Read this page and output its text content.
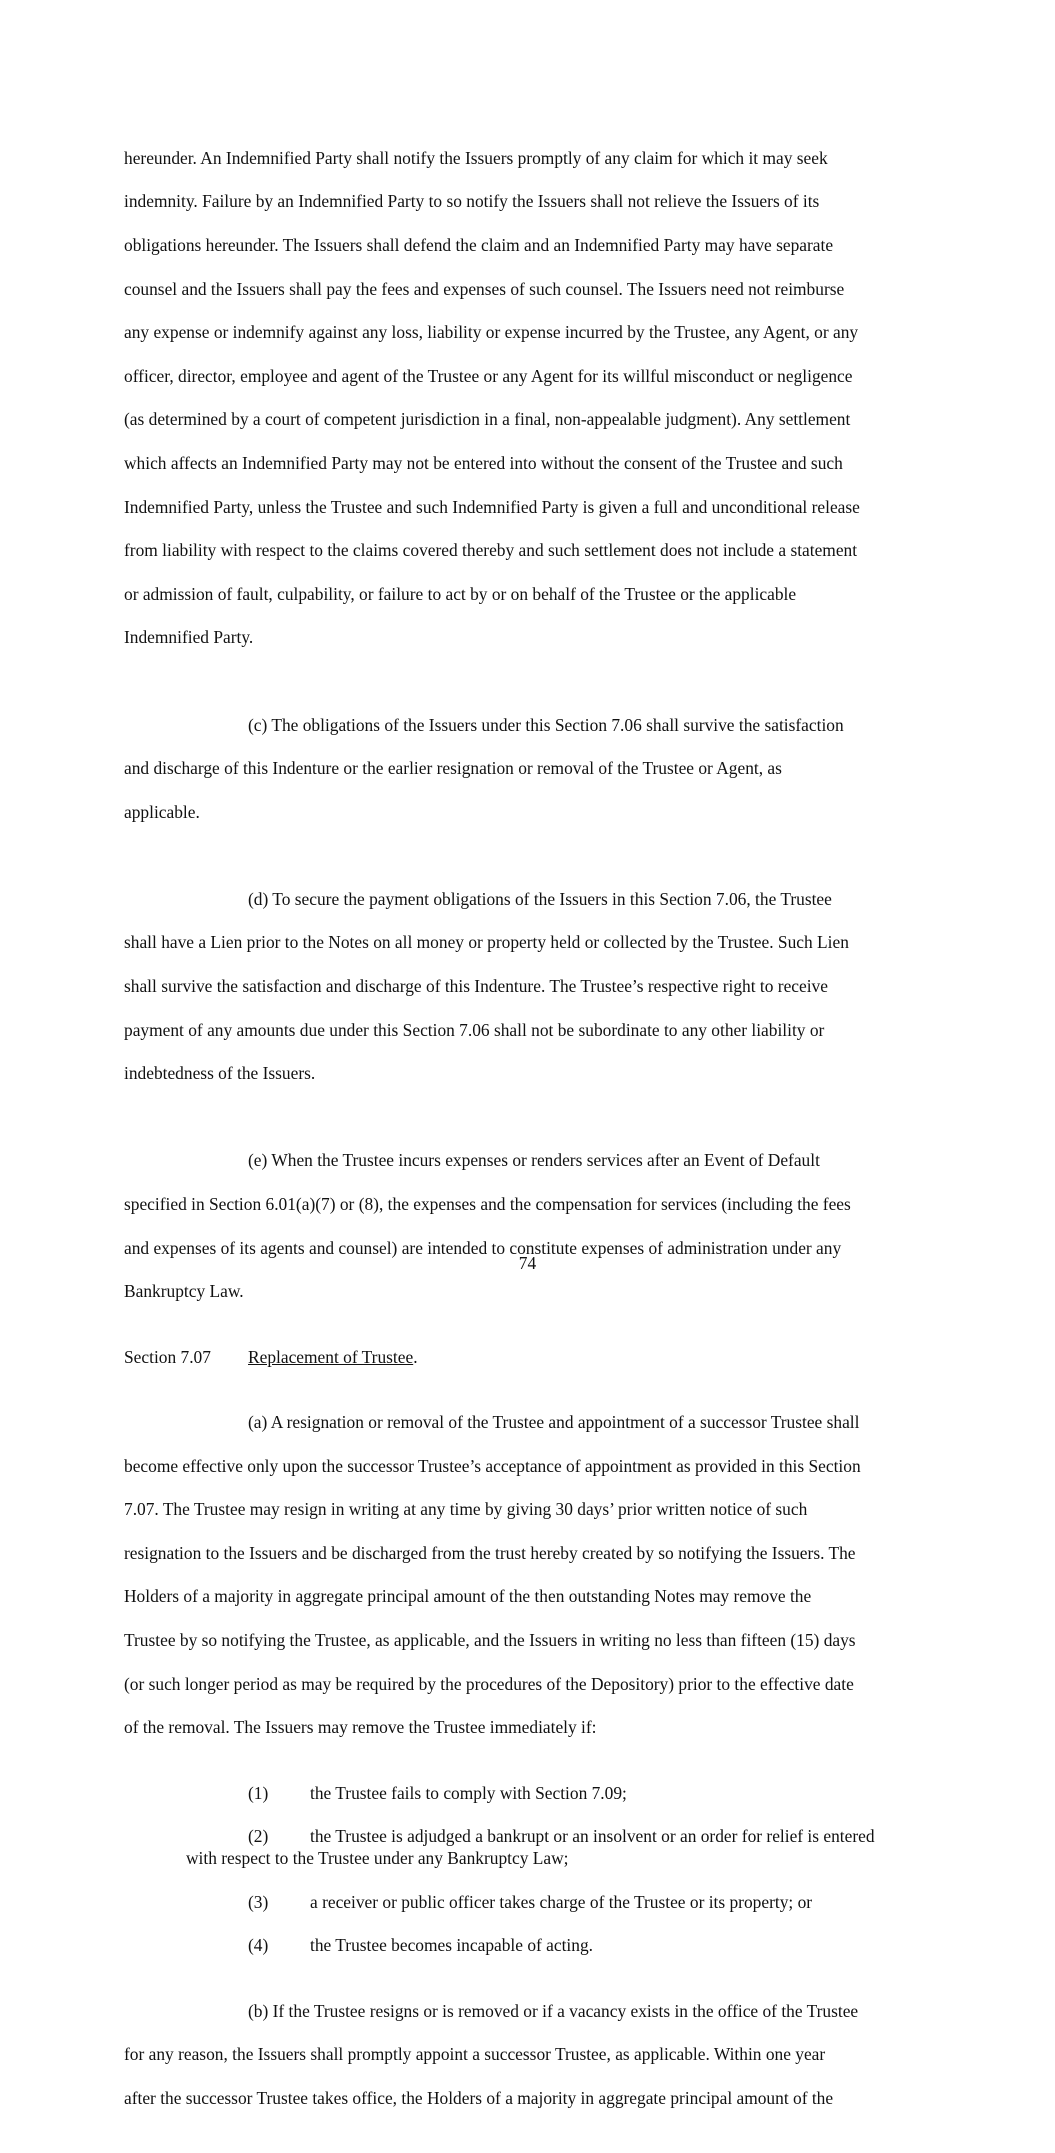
hereunder. An Indemnified Party shall notify the Issuers promptly of any claim for which it may seek

indemnity. Failure by an Indemnified Party to so notify the Issuers shall not relieve the Issuers of its

obligations hereunder. The Issuers shall defend the claim and an Indemnified Party may have separate

counsel and the Issuers shall pay the fees and expenses of such counsel. The Issuers need not reimburse

any expense or indemnify against any loss, liability or expense incurred by the Trustee, any Agent, or any

officer, director, employee and agent of the Trustee or any Agent for its willful misconduct or negligence

(as determined by a court of competent jurisdiction in a final, non-appealable judgment). Any settlement

which affects an Indemnified Party may not be entered into without the consent of the Trustee and such

Indemnified Party, unless the Trustee and such Indemnified Party is given a full and unconditional release

from liability with respect to the claims covered thereby and such settlement does not include a statement

or admission of fault, culpability, or failure to act by or on behalf of the Trustee or the applicable

Indemnified Party.

(c) The obligations of the Issuers under this Section 7.06 shall survive the satisfaction

and discharge of this Indenture or the earlier resignation or removal of the Trustee or Agent, as

applicable.

(d) To secure the payment obligations of the Issuers in this Section 7.06, the Trustee

shall have a Lien prior to the Notes on all money or property held or collected by the Trustee. Such Lien

shall survive the satisfaction and discharge of this Indenture. The Trustee’s respective right to receive

payment of any amounts due under this Section 7.06 shall not be subordinate to any other liability or

indebtedness of the Issuers.

(e) When the Trustee incurs expenses or renders services after an Event of Default

specified in Section 6.01(a)(7) or (8), the expenses and the compensation for services (including the fees

and expenses of its agents and counsel) are intended to constitute expenses of administration under any

Bankruptcy Law.

Section 7.07 Replacement of Trustee.

(a) A resignation or removal of the Trustee and appointment of a successor Trustee shall

become effective only upon the successor Trustee’s acceptance of appointment as provided in this Section

7.07. The Trustee may resign in writing at any time by giving 30 days’ prior written notice of such

resignation to the Issuers and be discharged from the trust hereby created by so notifying the Issuers. The

Holders of a majority in aggregate principal amount of the then outstanding Notes may remove the

Trustee by so notifying the Trustee, as applicable, and the Issuers in writing no less than fifteen (15) days

(or such longer period as may be required by the procedures of the Depository) prior to the effective date

of the removal. The Issuers may remove the Trustee immediately if:

(1) the Trustee fails to comply with Section 7.09;
(2) the Trustee is adjudged a bankrupt or an insolvent or an order for relief is entered
with respect to the Trustee under any Bankruptcy Law;
(3) a receiver or public officer takes charge of the Trustee or its property; or
(4) the Trustee becomes incapable of acting.

(b) If the Trustee resigns or is removed or if a vacancy exists in the office of the Trustee

for any reason, the Issuers shall promptly appoint a successor Trustee, as applicable. Within one year

after the successor Trustee takes office, the Holders of a majority in aggregate principal amount of the

74
